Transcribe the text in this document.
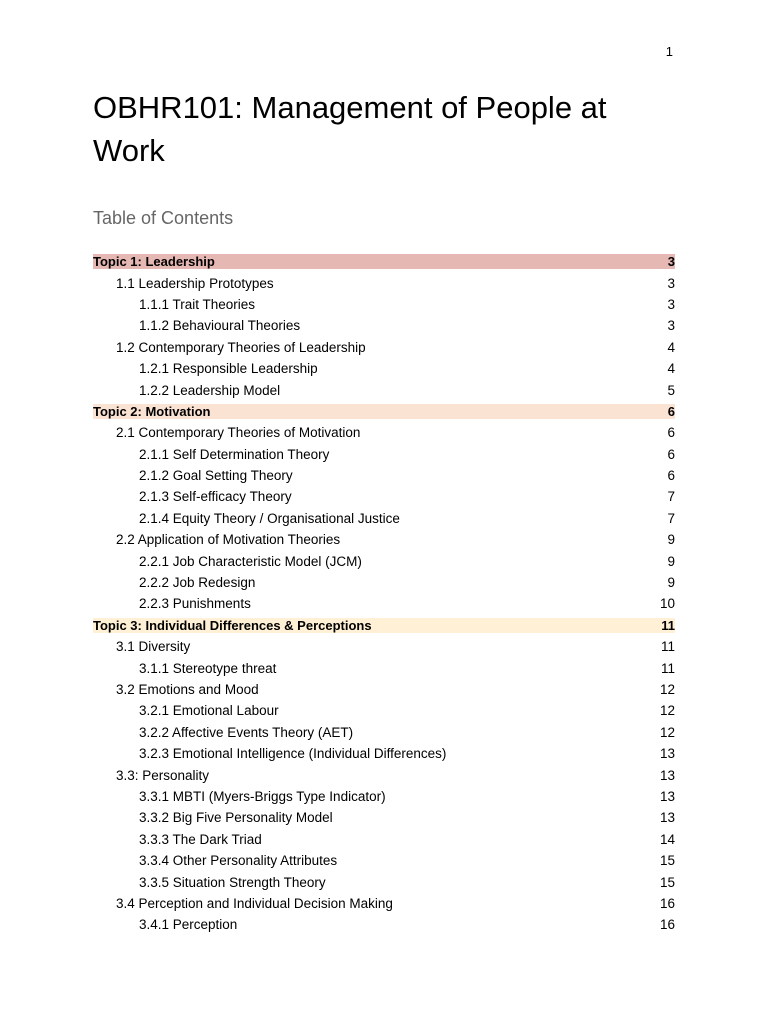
1
OBHR101: Management of People at Work
Table of Contents
Topic 1: Leadership	3
1.1 Leadership Prototypes	3
1.1.1 Trait Theories	3
1.1.2 Behavioural Theories	3
1.2 Contemporary Theories of Leadership	4
1.2.1 Responsible Leadership	4
1.2.2 Leadership Model	5
Topic 2: Motivation	6
2.1 Contemporary Theories of Motivation	6
2.1.1 Self Determination Theory	6
2.1.2 Goal Setting Theory	6
2.1.3 Self-efficacy Theory	7
2.1.4 Equity Theory / Organisational Justice	7
2.2 Application of Motivation Theories	9
2.2.1 Job Characteristic Model (JCM)	9
2.2.2 Job Redesign	9
2.2.3 Punishments	10
Topic 3: Individual Differences & Perceptions	11
3.1 Diversity	11
3.1.1 Stereotype threat	11
3.2 Emotions and Mood	12
3.2.1 Emotional Labour	12
3.2.2 Affective Events Theory (AET)	12
3.2.3 Emotional Intelligence (Individual Differences)	13
3.3: Personality	13
3.3.1 MBTI (Myers-Briggs Type Indicator)	13
3.3.2 Big Five Personality Model	13
3.3.3 The Dark Triad	14
3.3.4 Other Personality Attributes	15
3.3.5 Situation Strength Theory	15
3.4 Perception and Individual Decision Making	16
3.4.1 Perception	16
